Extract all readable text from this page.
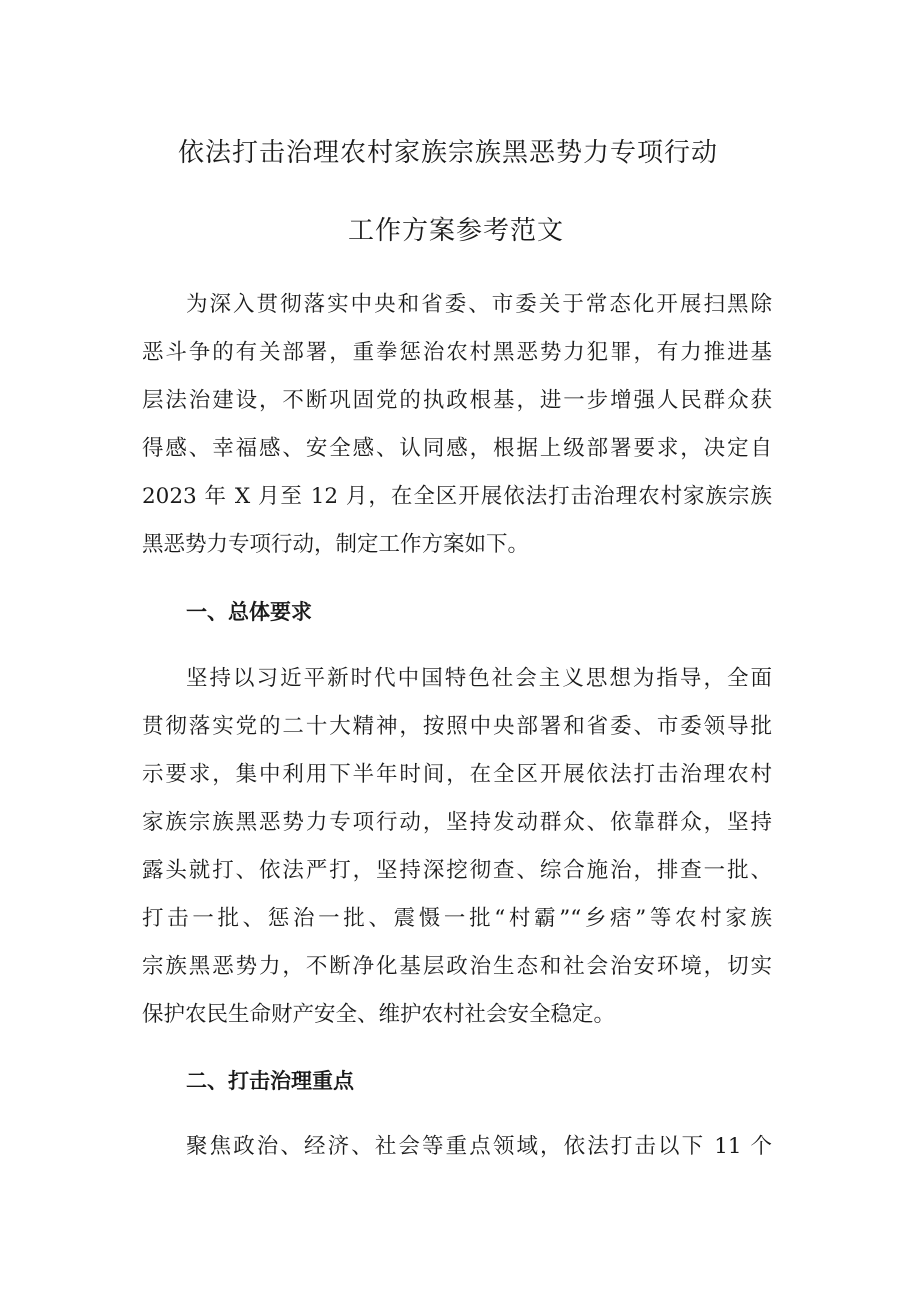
依法打击治理农村家族宗族黑恶势力专项行动
工作方案参考范文
为深入贯彻落实中央和省委、市委关于常态化开展扫黑除
恶斗争的有关部署，重拳惩治农村黑恶势力犯罪，有力推进基
层法治建设，不断巩固党的执政根基，进一步增强人民群众获
得感、幸福感、安全感、认同感，根据上级部署要求，决定自
2023 年 X 月至 12 月，在全区开展依法打击治理农村家族宗族
黑恶势力专项行动，制定工作方案如下。
一、总体要求
坚持以习近平新时代中国特色社会主义思想为指导，全面
贯彻落实党的二十大精神，按照中央部署和省委、市委领导批
示要求，集中利用下半年时间，在全区开展依法打击治理农村
家族宗族黑恶势力专项行动，坚持发动群众、依靠群众，坚持
露头就打、依法严打，坚持深挖彻查、综合施治，排查一批、
打击一批、惩治一批、震慑一批“村霸”“乡痞”等农村家族
宗族黑恶势力，不断净化基层政治生态和社会治安环境，切实
保护农民生命财产安全、维护农村社会安全稳定。
二、打击治理重点
聚焦政治、经济、社会等重点领域，依法打击以下 11 个
